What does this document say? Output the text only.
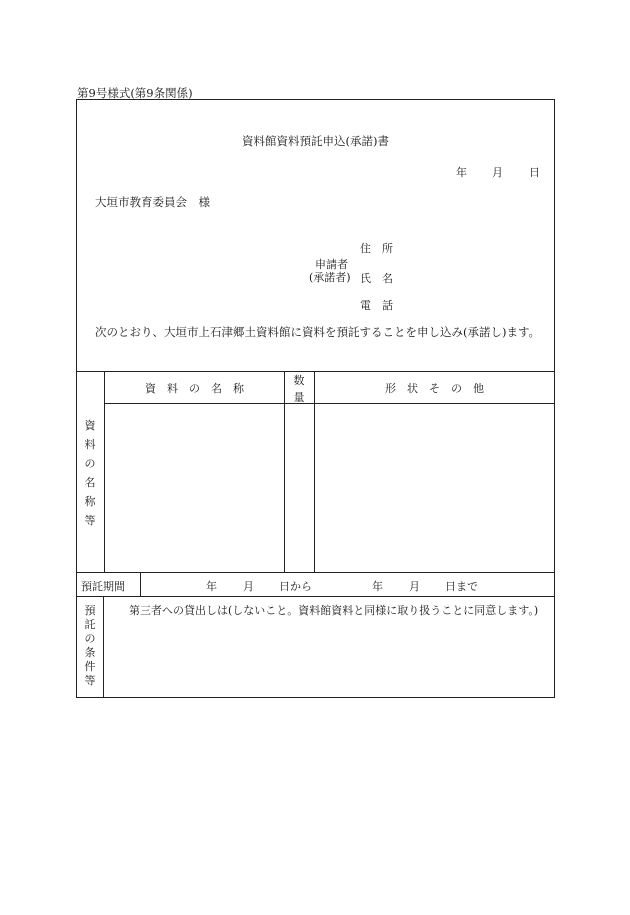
第9号様式(第9条関係)
資料館資料預託申込(承諾)書
年 月 日
大垣市教育委員会　様
住　所
申請者
(承諾者) 氏　名
電　話
次のとおり、大垣市上石津郷土資料館に資料を預託することを申し込み(承諾し)ます。
資
料
の
名
称
等
資　料　の　名　称
数
量
形　状　そ　の　他
預託期間	年 月 日から	年 月 日まで
預
託
の
条
件
等
第三者への貸出しは(しないこと。資料館資料と同様に取り扱うことに同意します。)
